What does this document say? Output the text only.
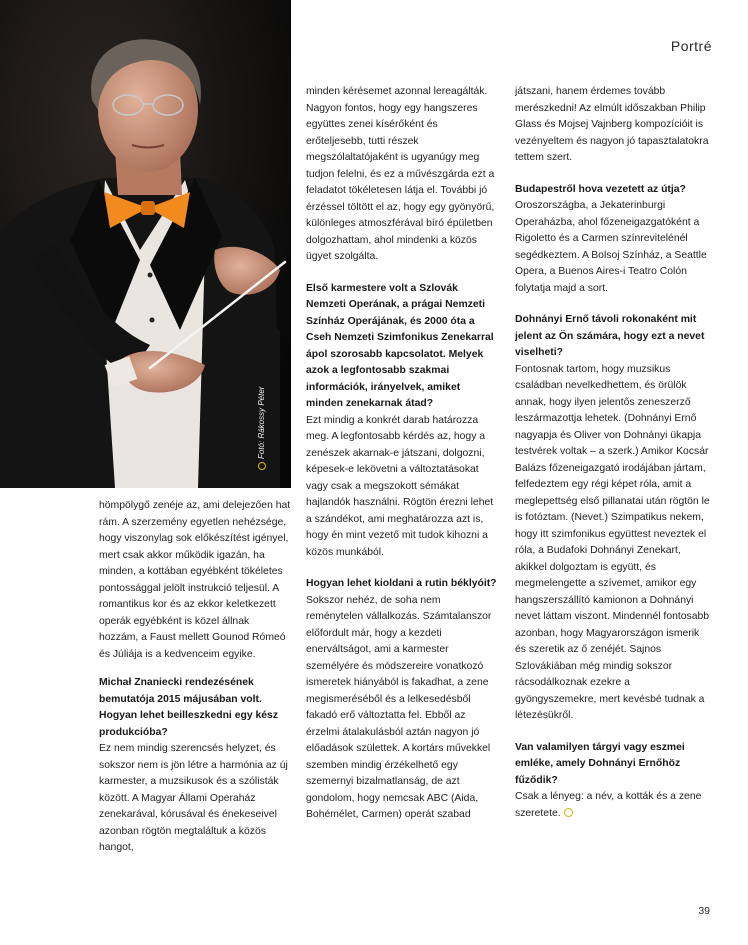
Portré
Fotó: Rákossy Péter

hömpölygő zenéje az, ami delejezően hat rám. A szerzemény egyetlen nehézsége, hogy viszonylag sok előkészítést igényel, mert csak akkor működik igazán, ha minden, a kottában egyébként tökéletes pontossággal jelölt instrukció teljesül. A romantikus kor és az ekkor keletkezett operák egyébként is közel állnak hozzám, a Faust mellett Gounod Rómeó és Júliája is a kedvenceim egyike.

Michał Znaniecki rendezésének bemutatója 2015 májusában volt. Hogyan lehet beilleszkedni egy kész produkcióba?

Ez nem mindig szerencsés helyzet, és sokszor nem is jön létre a harmónia az új karmester, a muzsikusok és a szólisták között. A Magyar Állami Operaház zenekarával, kórusával és énekeseivel azonban rögtön megtaláltuk a közös hangot,

minden kérésemet azonnal lereagálták. Nagyon fontos, hogy egy hangszeres együttes zenei kísérőként és erőteljesebb, tutti részek megszólaltatójaként is ugyanúgy meg tudjon felelni, és ez a művészgárda ezt a feladatot tökéletesen látja el. További jó érzéssel töltött el az, hogy egy gyönyörű, különleges atmoszférával bíró épületben dolgozhattam, ahol mindenki a közös ügyet szolgálta.

Első karmestere volt a Szlovák Nemzeti Operának, a prágai Nemzeti Színház Operájának, és 2000 óta a Cseh Nemzeti Szimfonikus Zenekarral ápol szorosabb kapcsolatot. Melyek azok a legfontosabb szakmai információk, irányelvek, amiket minden zenekarnak átad?

Ezt mindig a konkrét darab határozza meg. A legfontosabb kérdés az, hogy a zenészek akarnak-e játszani, dolgozni, képesek-e lekövetni a változtatásokat vagy csak a megszokott sémákat hajlandók használni. Rögtön érezni lehet a szándékot, ami meghatározza azt is, hogy én mint vezető mit tudok kihozni a közös munkából.

Hogyan lehet kioldani a rutin béklyóit?

Sokszor nehéz, de soha nem reménytelen vállalkozás. Számtalanszor előfordult már, hogy a kezdeti enerváltságot, ami a karmester személyére és módszereire vonatkozó ismeretek hiányából is fakadhat, a zene megismeréséből és a lelkesedésből fakadó erő változtatta fel. Ebből az érzelmi átalakulásból aztán nagyon jó előadások születtek. A kortárs művekkel szemben mindig érzékelhető egy szemernyi bizalmatlanság, de azt gondolom, hogy nemcsak ABC (Aida, Bohémélet, Carmen) operát szabad

játszani, hanem érdemes tovább merészkedni! Az elmúlt időszakban Philip Glass és Mojsej Vajnberg kompozícióit is vezényeltem és nagyon jó tapasztalatokra tettem szert.

Budapestről hova vezetett az útja?

Oroszországba, a Jekaterinburgi Operaházba, ahol főzeneigazgatóként a Rigoletto és a Carmen színrevitelénél segédkeztem. A Bolsoj Színház, a Seattle Opera, a Buenos Aires-i Teatro Colón folytatja majd a sort.

Dohnányi Ernő távoli rokonaként mit jelent az Ön számára, hogy ezt a nevet viselheti?

Fontosnak tartom, hogy muzsikus családban nevelkedhettem, és örülök annak, hogy ilyen jelentős zeneszerző leszármazottja lehetek. (Dohnányi Ernő nagyapja és Oliver von Dohnányi ükapja testvérek voltak – a szerk.) Amikor Kocsár Balázs főzeneigazgató irodájában jártam, felfedeztem egy régi képet róla, amit a meglepettség első pillanatai után rögtön le is fotóztam. (Nevet.) Szimpatikus nekem, hogy itt szimfonikus együttest neveztek el róla, a Budafoki Dohnányi Zenekart, akikkel dolgoztam is együtt, és megmelengette a szívemet, amikor egy hangszerszállító kamionon a Dohnányi nevet láttam viszont. Mindennél fontosabb azonban, hogy Magyarországon ismerik és szeretik az ő zenéjét. Sajnos Szlovákiában még mindig sokszor rácsodálkoznak ezekre a gyöngyszemekre, mert kevésbé tudnak a létezésükről.

Van valamilyen tárgyi vagy eszmei emléke, amely Dohnányi Ernőhöz fűződik?

Csak a lényeg: a név, a kották és a zene szeretete.

39
